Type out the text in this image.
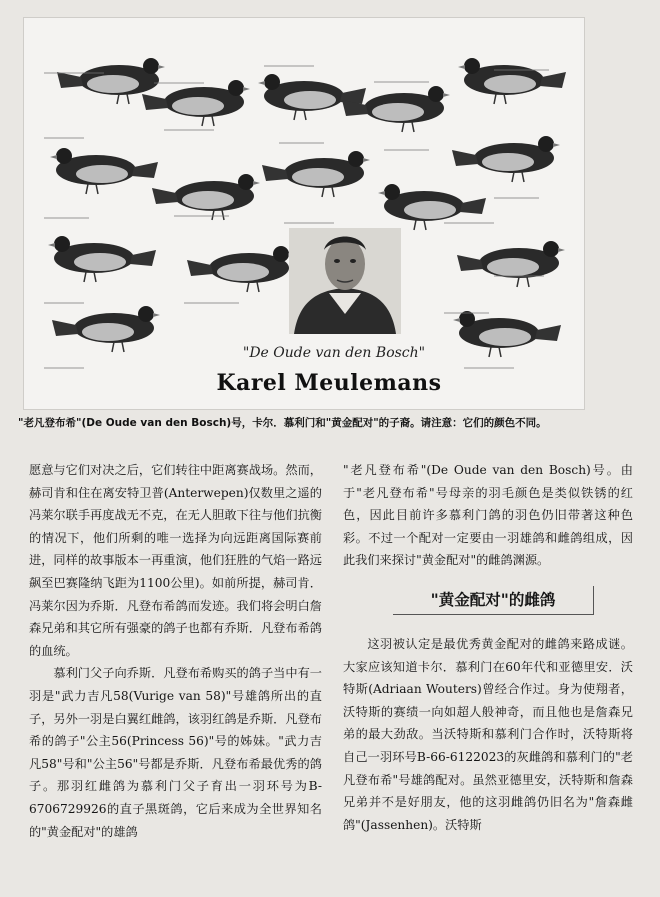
"De Oude van den Bosch"
Karel Meulemans
"老凡登布希"(De Oude van den Bosch)号，卡尔．慕利门和"黄金配对"的子裔。请注意：它们的颜色不同。

愿意与它们对决之后，它们转往中距离赛战场。然而，赫司肯和住在离安特卫普(Anterwepen)仅数里之遥的冯莱尔联手再度战无不克，在无人胆敢下往与他们抗衡的情况下，他们所剩的唯一选择为向远距离国际赛前进，同样的故事版本一再重演，他们狂胜的气焰一路远飙至巴赛隆纳飞距为1100公里)。如前所提，赫司肯．冯莱尔因为乔斯．凡登布希鸽而发迹。我们将会明白詹森兄弟和其它所有强豪的鸽子也都有乔斯．凡登布希鸽的血统。

慕利门父子向乔斯．凡登布希购买的鸽子当中有一羽是"武力吉凡58(Vurige van 58)"号雄鸽所出的直子，另外一羽是白翼红雌鸽，该羽红鸽是乔斯．凡登布希的鸽子"公主56(Princess 56)"号的姊妹。"武力吉凡58"号和"公主56"号都是乔斯．凡登布希最优秀的鸽子。那羽红雌鸽为慕利门父子育出一羽环号为B-6706729926的直子黑斑鸽，它后来成为全世界知名的"黄金配对"的雄鸽

"老凡登布希"(De Oude van den Bosch)号。由于"老凡登布希"号母亲的羽毛颜色是类似铁锈的红色，因此目前许多慕利门鸽的羽色仍旧带著这种色彩。不过一个配对一定要由一羽雄鸽和雌鸽组成，因此我们来探讨"黄金配对"的雌鸽渊源。

"黄金配对"的雌鸽

这羽被认定是最优秀黄金配对的雌鸽来路成谜。大家应该知道卡尔．慕利门在60年代和亚德里安．沃特斯(Adriaan Wouters)曾经合作过。身为使翔者，沃特斯的赛绩一向如超人般神奇，而且他也是詹森兄弟的最大劲敌。当沃特斯和慕利门合作时，沃特斯将自己一羽环号B-66-6122023的灰雌鸽和慕利门的"老凡登布希"号雄鸽配对。虽然亚德里安，沃特斯和詹森兄弟并不是好朋友，他的这羽雌鸽仍旧名为"詹森雌鸽"(Jassenhen)。沃特斯
